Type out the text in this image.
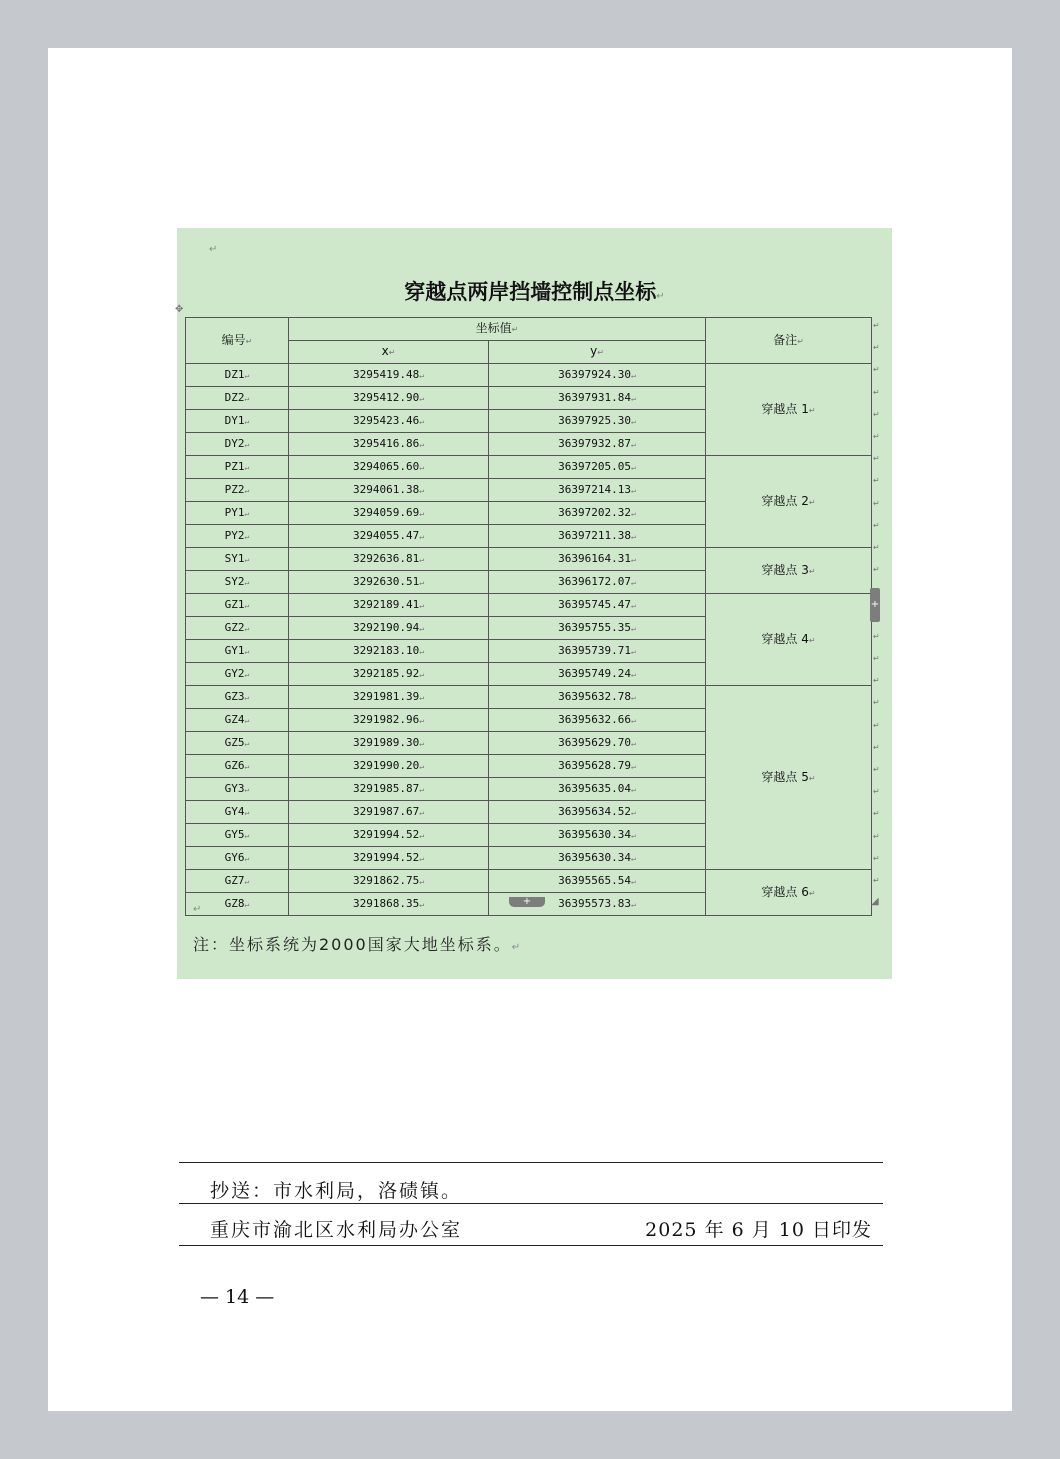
↵
穿越点两岸挡墙控制点坐标↵
✥
编号↵	坐标值↵		备注↵
	x↵	y↵	
DZ1↵	3295419.48↵	36397924.30↵	穿越点 1↵
DZ2↵	3295412.90↵	36397931.84↵	
DY1↵	3295423.46↵	36397925.30↵	
DY2↵	3295416.86↵	36397932.87↵	
PZ1↵	3294065.60↵	36397205.05↵	穿越点 2↵
PZ2↵	3294061.38↵	36397214.13↵	
PY1↵	3294059.69↵	36397202.32↵	
PY2↵	3294055.47↵	36397211.38↵	
SY1↵	3292636.81↵	36396164.31↵	穿越点 3↵
SY2↵	3292630.51↵	36396172.07↵	
GZ1↵	3292189.41↵	36395745.47↵	穿越点 4↵
GZ2↵	3292190.94↵	36395755.35↵	
GY1↵	3292183.10↵	36395739.71↵	
GY2↵	3292185.92↵	36395749.24↵	
GZ3↵	3291981.39↵	36395632.78↵	穿越点 5↵
GZ4↵	3291982.96↵	36395632.66↵	
GZ5↵	3291989.30↵	36395629.70↵	
GZ6↵	3291990.20↵	36395628.79↵	
GY3↵	3291985.87↵	36395635.04↵	
GY4↵	3291987.67↵	36395634.52↵	
GY5↵	3291994.52↵	36395630.34↵	
GY6↵	3291994.52↵	36395630.34↵	
GZ7↵	3291862.75↵	36395565.54↵	穿越点 6↵
GZ8↵	3291868.35↵	36395573.83↵	
↵
↵
↵
↵
↵
↵
↵
↵
↵
↵
↵
↵
↵
↵
↵
↵
↵
↵
↵
↵
↵
↵
↵
↵
+
+	◢
↵
注：坐标系统为2000国家大地坐标系。↵
抄送：市水利局，洛碛镇。
重庆市渝北区水利局办公室	2025 年 6 月 10 日印发
— 14 —
